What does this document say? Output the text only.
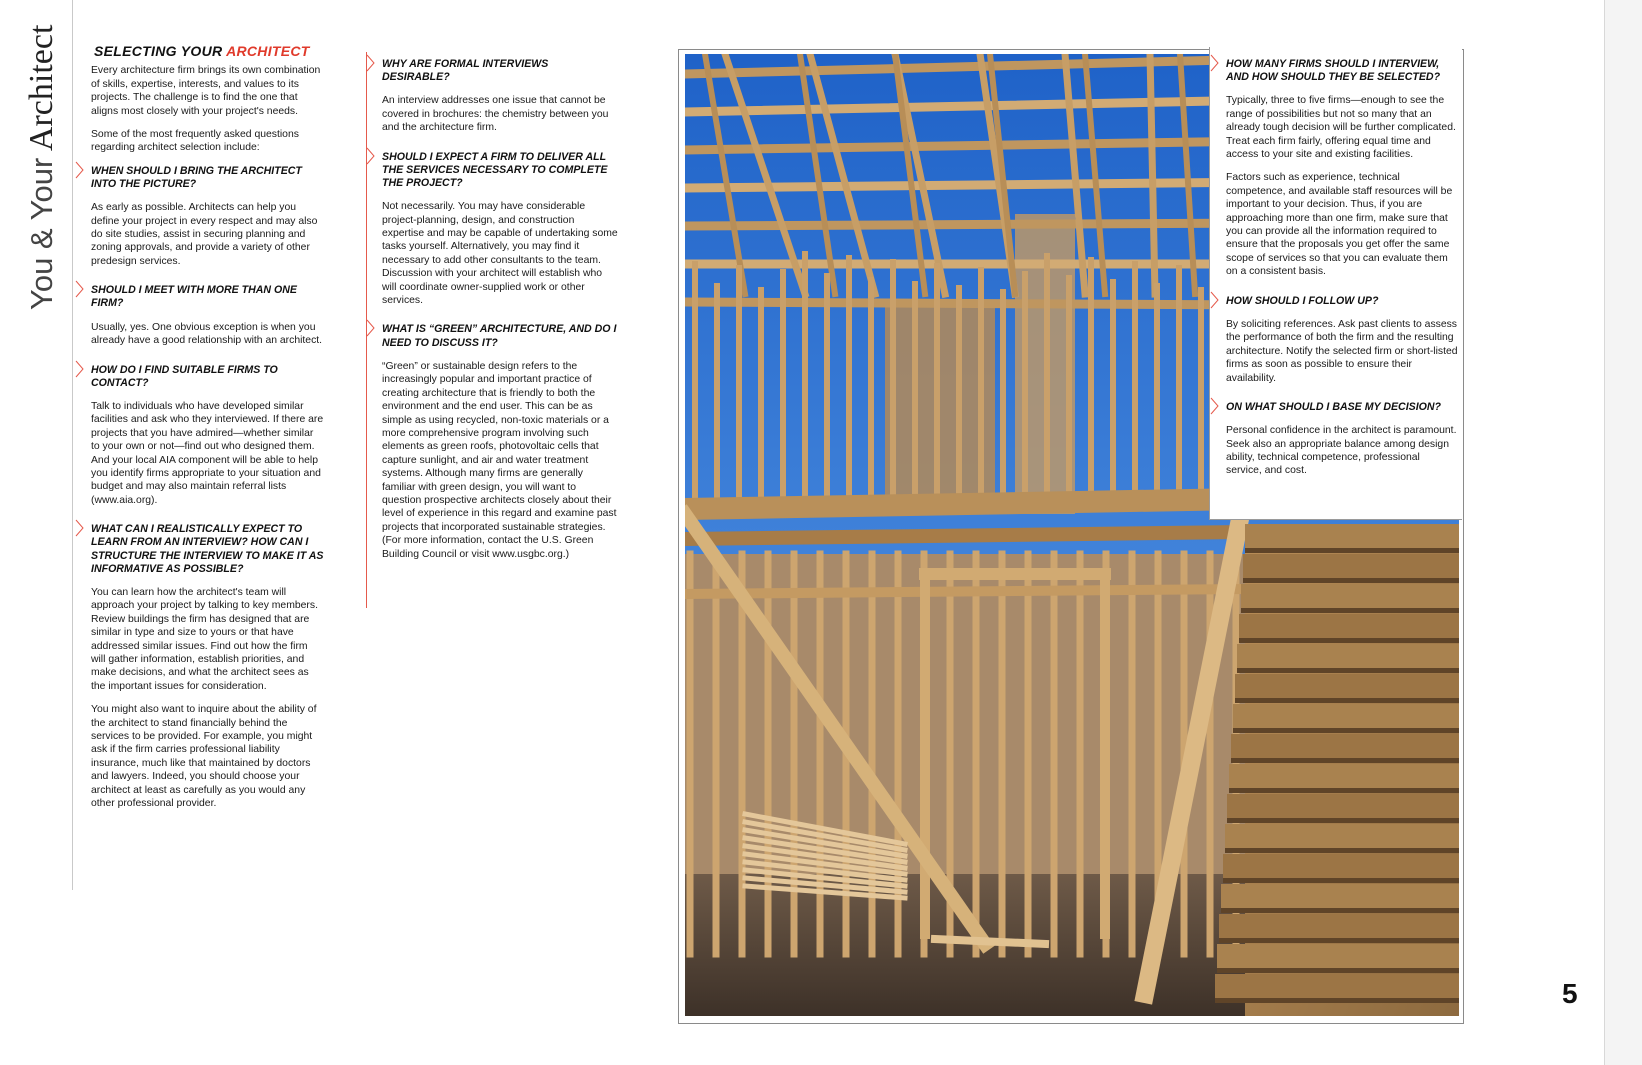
You & Your Architect	SELECTING YOUR ARCHITECT

Every architecture firm brings its own combination of skills, expertise, interests, and values to its projects. The challenge is to find the one that aligns most closely with your project's needs.

Some of the most frequently asked questions regarding architect selection include:

WHEN SHOULD I BRING THE ARCHITECT INTO THE PICTURE?

As early as possible. Architects can help you define your project in every respect and may also do site studies, assist in securing planning and zoning approvals, and provide a variety of other predesign services.

SHOULD I MEET WITH MORE THAN ONE FIRM?

Usually, yes. One obvious exception is when you already have a good relationship with an architect.

HOW DO I FIND SUITABLE FIRMS TO CONTACT?

Talk to individuals who have developed similar facilities and ask who they interviewed. If there are projects that you have admired—whether similar to your own or not—find out who designed them. And your local AIA component will be able to help you identify firms appropriate to your situation and budget and may also maintain referral lists (www.aia.org).

WHAT CAN I REALISTICALLY EXPECT TO LEARN FROM AN INTERVIEW? HOW CAN I STRUCTURE THE INTERVIEW TO MAKE IT AS INFORMATIVE AS POSSIBLE?

You can learn how the architect's team will approach your project by talking to key members. Review buildings the firm has designed that are similar in type and size to yours or that have addressed similar issues. Find out how the firm will gather information, establish priorities, and make decisions, and what the architect sees as the important issues for consideration.

You might also want to inquire about the ability of the architect to stand financially behind the services to be provided. For example, you might ask if the firm carries professional liability insurance, much like that maintained by doctors and lawyers. Indeed, you should choose your architect at least as carefully as you would any other professional provider.

WHY ARE FORMAL INTERVIEWS DESIRABLE?

An interview addresses one issue that cannot be covered in brochures: the chemistry between you and the architecture firm.

SHOULD I EXPECT A FIRM TO DELIVER ALL THE SERVICES NECESSARY TO COMPLETE THE PROJECT?

Not necessarily. You may have considerable project-planning, design, and construction expertise and may be capable of undertaking some tasks yourself. Alternatively, you may find it necessary to add other consultants to the team. Discussion with your architect will establish who will coordinate owner-supplied work or other services.

WHAT IS “GREEN” ARCHITECTURE, AND DO I NEED TO DISCUSS IT?

“Green” or sustainable design refers to the increasingly popular and important practice of creating architecture that is friendly to both the environment and the end user. This can be as simple as using recycled, non-toxic materials or a more comprehensive program involving such elements as green roofs, photovoltaic cells that capture sunlight, and air and water treatment systems. Although many firms are generally familiar with green design, you will want to question prospective architects closely about their level of experience in this regard and examine past projects that incorporated sustainable strategies. (For more information, contact the U.S. Green Building Council or visit www.usgbc.org.)

HOW MANY FIRMS SHOULD I INTERVIEW, AND HOW SHOULD THEY BE SELECTED?

Typically, three to five firms—enough to see the range of possibilities but not so many that an already tough decision will be further complicated. Treat each firm fairly, offering equal time and access to your site and existing facilities.

Factors such as experience, technical competence, and available staff resources will be important to your decision. Thus, if you are approaching more than one firm, make sure that you can provide all the information required to ensure that the proposals you get offer the same scope of services so that you can evaluate them on a consistent basis.

HOW SHOULD I FOLLOW UP?

By soliciting references. Ask past clients to assess the performance of both the firm and the resulting architecture. Notify the selected firm or short-listed firms as soon as possible to ensure their availability.

ON WHAT SHOULD I BASE MY DECISION?

Personal confidence in the architect is paramount. Seek also an appropriate balance among design ability, technical competence, professional service, and cost.

5
